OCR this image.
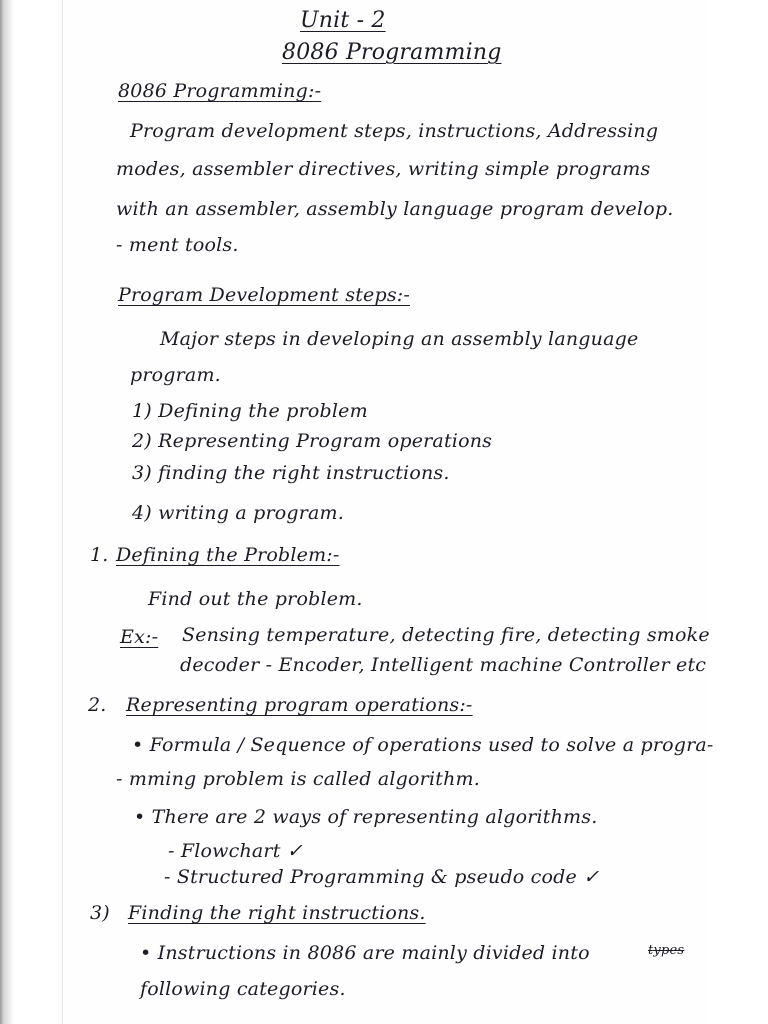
Unit - 2
8086 Programming
8086 Programming:-
Program development steps, instructions, Addressing
modes, assembler directives, writing simple programs
with an assembler, assembly language program develop.
- ment tools.
Program Development steps:-
Major steps in developing an assembly language
program.
1) Defining the problem
2) Representing Program operations
3) finding the right instructions.
4) writing a program.
1. Defining the Problem:-
Find out the problem.
Ex:- Sensing temperature, detecting fire, detecting smoke
decoder - Encoder, Intelligent machine Controller etc
2. Representing program operations:-
• Formula / Sequence of operations used to solve a progra-
- mming problem is called algorithm.
• There are 2 ways of representing algorithms.
- Flowchart ✓
- Structured Programming & pseudo code ✓
3) Finding the right instructions.
• Instructions in 8086 are mainly divided into	types
following categories.
